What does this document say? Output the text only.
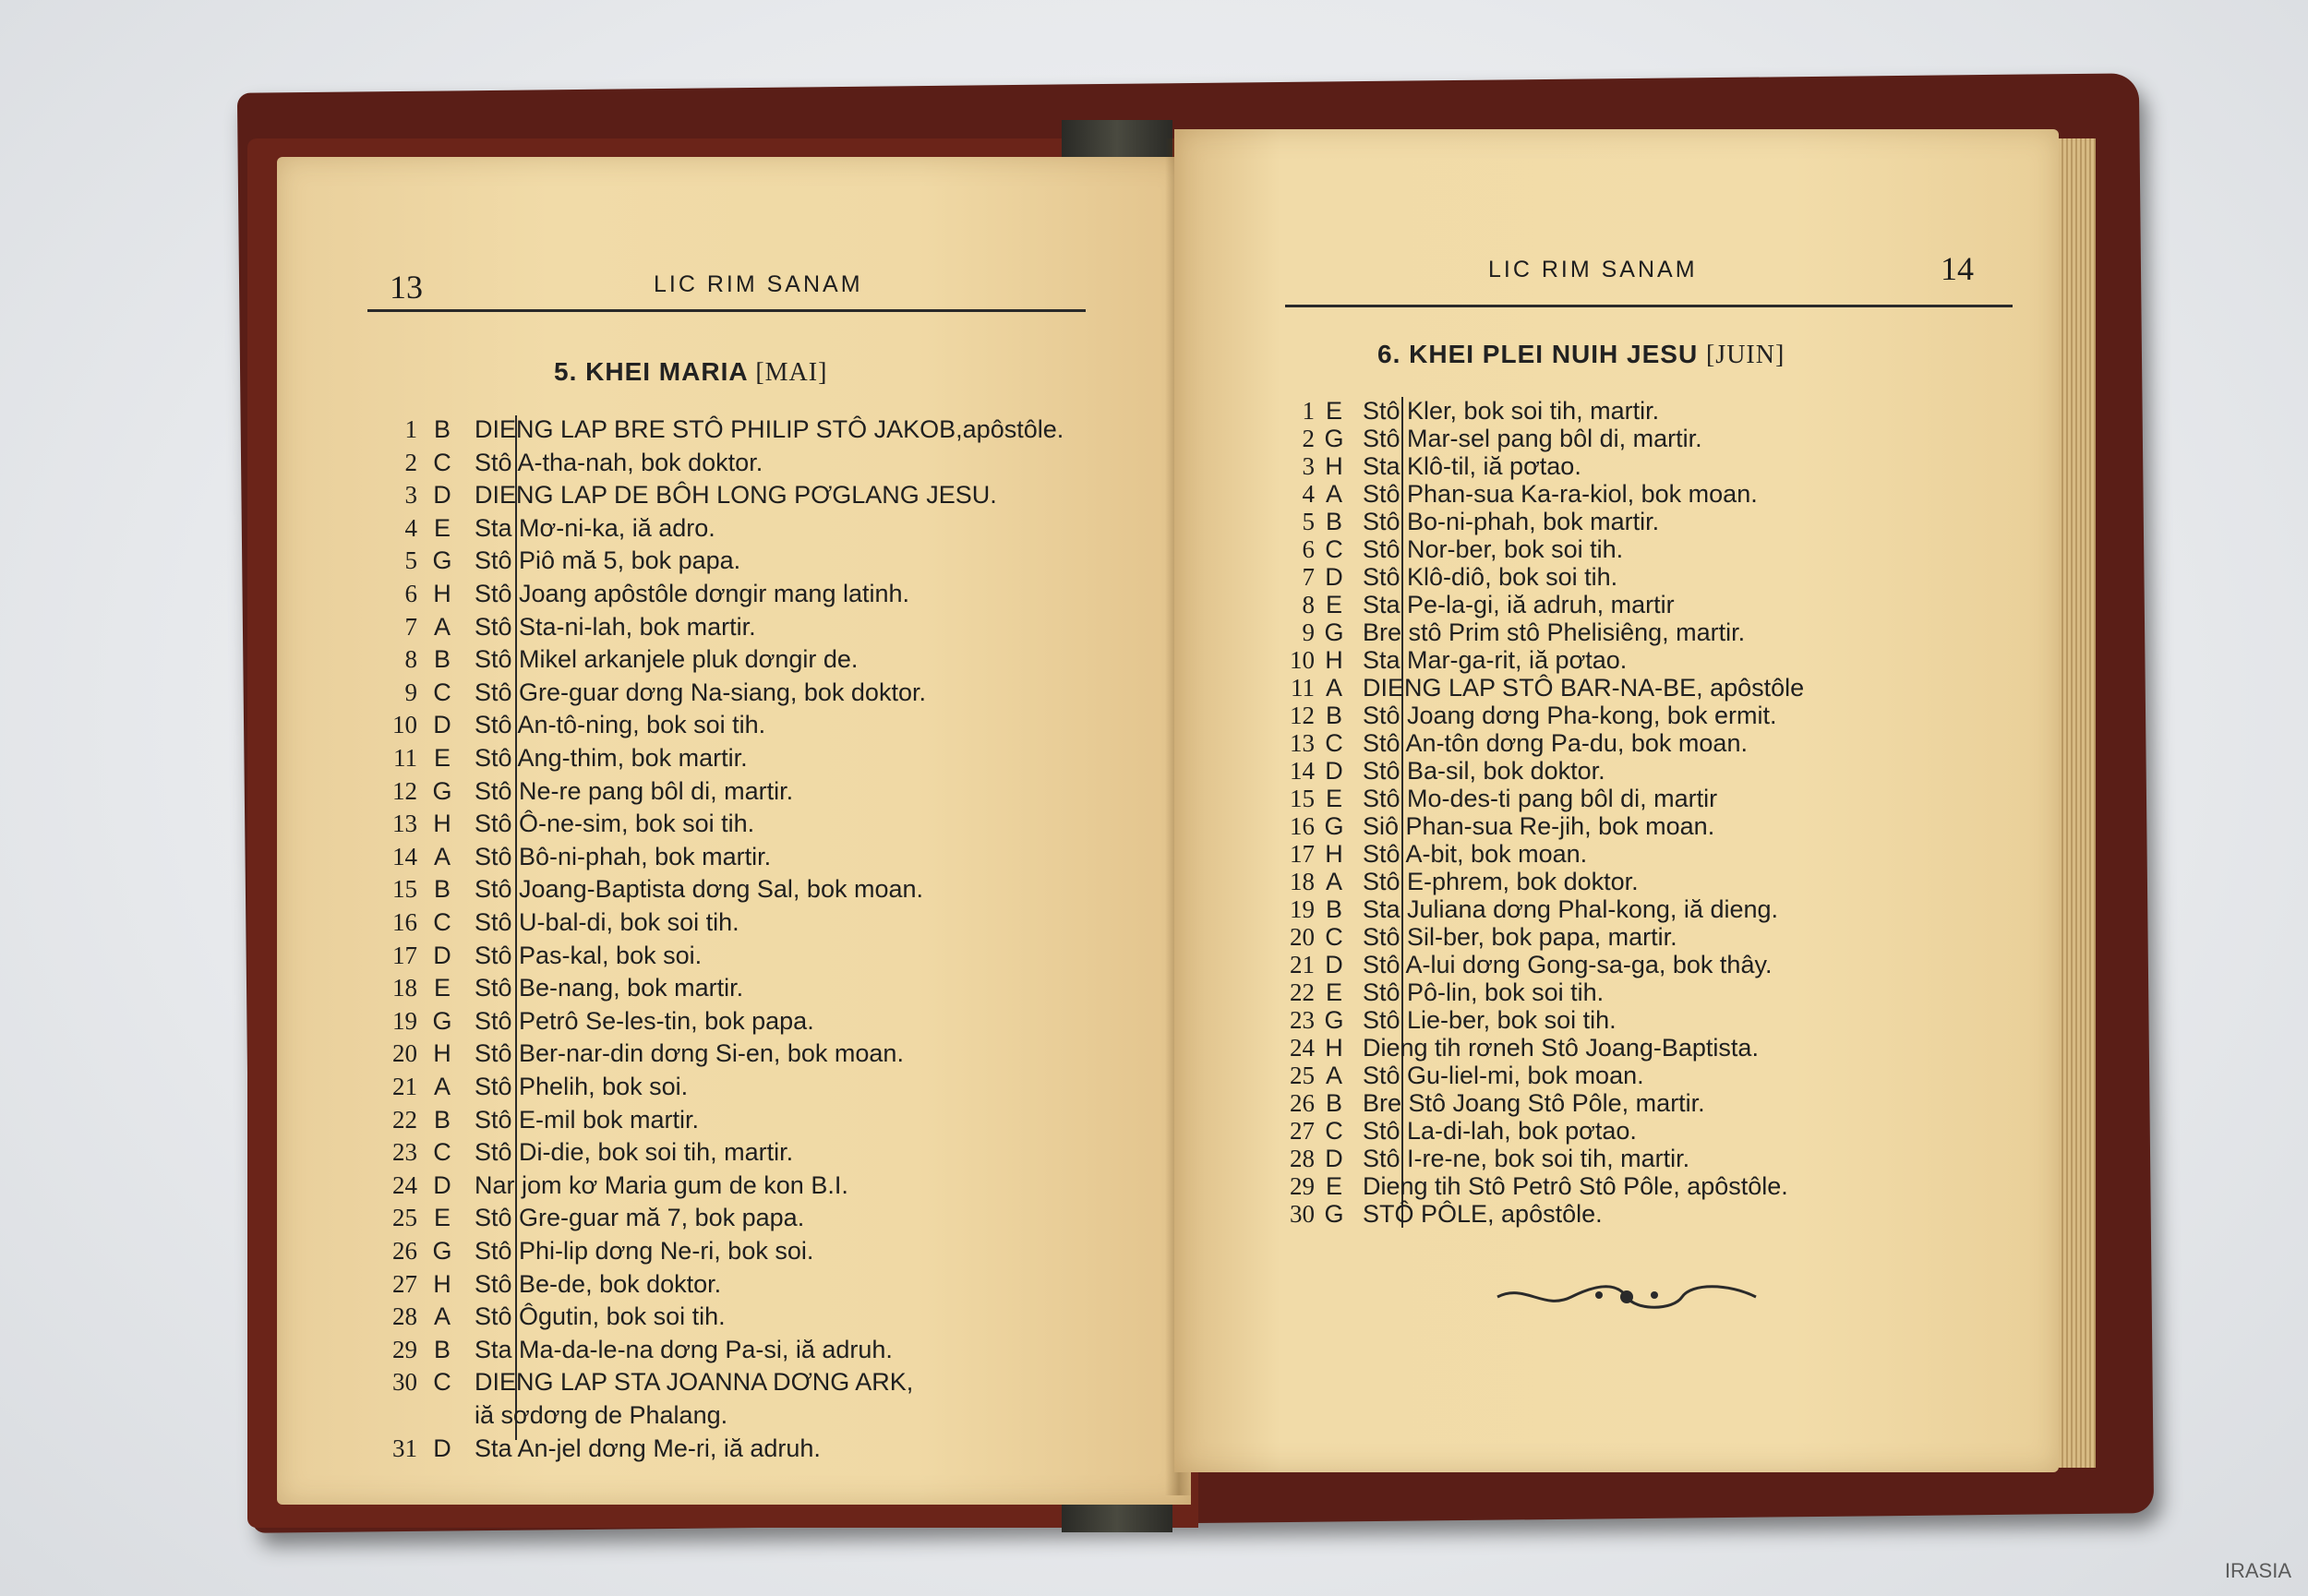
13	LIC RIM SANAM
5. KHEI MARIA [MAI]
1 B DIENG LAP BRE STÔ PHILIP STÔ JAKOB,apôstôle.
2 C Stô A-tha-nah, bok doktor.
3 D DIENG LAP DE BÔH LONG PƠGLANG JESU.
4 E Sta Mơ-ni-ka, iă adro.
5 G Stô Piô mă 5, bok papa.
6 H Stô Joang apôstôle dơngir mang latinh.
7 A Stô Sta-ni-lah, bok martir.
8 B Stô Mikel arkanjele pluk dơngir de.
9 C Stô Gre-guar dơng Na-siang, bok doktor.
10 D Stô An-tô-ning, bok soi tih.
11 E Stô Ang-thim, bok martir.
12 G Stô Ne-re pang bôl di, martir.
13 H Stô Ô-ne-sim, bok soi tih.
14 A Stô Bô-ni-phah, bok martir.
15 B Stô Joang-Baptista dơng Sal, bok moan.
16 C Stô U-bal-di, bok soi tih.
17 D Stô Pas-kal, bok soi.
18 E Stô Be-nang, bok martir.
19 G Stô Petrô Se-les-tin, bok papa.
20 H Stô Ber-nar-din dơng Si-en, bok moan.
21 A Stô Phelih, bok soi.
22 B Stô E-mil bok martir.
23 C Stô Di-die, bok soi tih, martir.
24 D Nar jom kơ Maria gum de kon B.I.
25 E Stô Gre-guar mă 7, bok papa.
26 G Stô Phi-lip dơng Ne-ri, bok soi.
27 H Stô Be-de, bok doktor.
28 A Stô Ôgutin, bok soi tih.
29 B Sta Ma-da-le-na dơng Pa-si, iă adruh.
30 C DIENG LAP STA JOANNA DƠNG ARK,
iă sơdơng de Phalang.
31 D Sta An-jel dơng Me-ri, iă adruh.
LIC RIM SANAM	14
6. KHEI PLEI NUIH JESU [JUIN]
1 E Stô Kler, bok soi tih, martir.
2 G Stô Mar-sel pang bôl di, martir.
3 H Sta Klô-til, iă pơtao.
4 A Stô Phan-sua Ka-ra-kiol, bok moan.
5 B Stô Bo-ni-phah, bok martir.
6 C Stô Nor-ber, bok soi tih.
7 D Stô Klô-diô, bok soi tih.
8 E Sta Pe-la-gi, iă adruh, martir
9 G Bre stô Prim stô Phelisiêng, martir.
10 H Sta Mar-ga-rit, iă pơtao.
11 A DIENG LAP STÔ BAR-NA-BE, apôstôle
12 B Stô Joang dơng Pha-kong, bok ermit.
13 C Stô An-tôn dơng Pa-du, bok moan.
14 D Stô Ba-sil, bok doktor.
15 E Stô Mo-des-ti pang bôl di, martir
16 G Siô Phan-sua Re-jih, bok moan.
17 H Stô A-bit, bok moan.
18 A Stô E-phrem, bok doktor.
19 B Sta Juliana dơng Phal-kong, iă dieng.
20 C Stô Sil-ber, bok papa, martir.
21 D Stô A-lui dơng Gong-sa-ga, bok thây.
22 E Stô Pô-lin, bok soi tih.
23 G Stô Lie-ber, bok soi tih.
24 H Dieng tih rơneh Stô Joang-Baptista.
25 A Stô Gu-liel-mi, bok moan.
26 B Bre Stô Joang Stô Pôle, martir.
27 C Stô La-di-lah, bok pơtao.
28 D Stô I-re-ne, bok soi tih, martir.
29 E Dieng tih Stô Petrô Stô Pôle, apôstôle.
30 G STÔ PÔLE, apôstôle.
IRASIA
